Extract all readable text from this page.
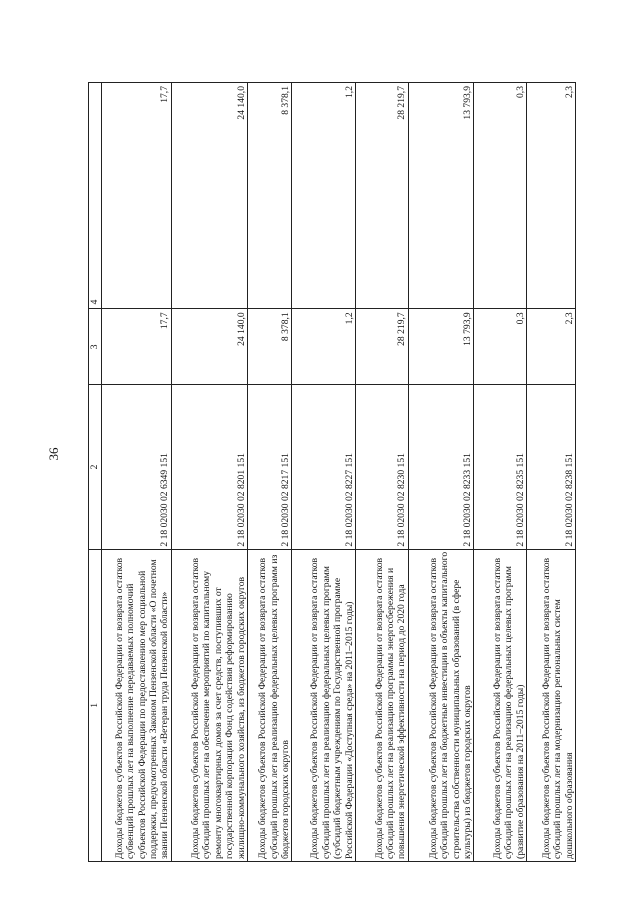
36
1	2	3	4
Доходы бюджетов субъектов Российской Федерации от возврата остатков субвенций прошлых лет на выполнение передаваемых полномочий субъектов Российской Федерации по предоставлению мер социальной поддержки, предусмотренных Законом Пензенской области «О почетном звании Пензенской области «Ветеран труда Пензенской области»	2 18 02030 02 6349 151	17,7	17,7
Доходы бюджетов субъектов Российской Федерации от возврата остатков субсидий прошлых лет на обеспечение мероприятий по капитальному ремонту многоквартирных домов за счет средств, поступивших от государственной корпорации Фонд содействия реформированию жилищно-коммунального хозяйства, из бюджетов городских округов	2 18 02030 02 8201 151	24 140,0	24 140,0
Доходы бюджетов субъектов Российской Федерации от возврата остатков субсидий прошлых лет на реализацию федеральных целевых программ из бюджетов городских округов	2 18 02030 02 8217 151	8 378,1	8 378,1
Доходы бюджетов субъектов Российской Федерации от возврата остатков субсидий прошлых лет на реализацию федеральных целевых программ (субсидий бюджетным учреждениям по Государственной программе Российской Федерации «Доступная среда» на 2011–2015 годы)	2 18 02030 02 8227 151	1,2	1,2
Доходы бюджетов субъектов Российской Федерации от возврата остатков субсидий прошлых лет на реализацию программы энергосбережения и повышения энергетической эффективности на период до 2020 года	2 18 02030 02 8230 151	28 219,7	28 219,7
Доходы бюджетов субъектов Российской Федерации от возврата остатков субсидий прошлых лет на бюджетные инвестиции в объекты капитального строительства собственности муниципальных образований (в сфере культуры) из бюджетов городских округов	2 18 02030 02 8233 151	13 793,9	13 793,9
Доходы бюджетов субъектов Российской Федерации от возврата остатков субсидий прошлых лет на реализацию федеральных целевых программ (развитие образования на 2011–2015 годы)	2 18 02030 02 8235 151	0,3	0,3
Доходы бюджетов субъектов Российской Федерации от возврата остатков субсидий прошлых лет на модернизацию региональных систем дошкольного образования	2 18 02030 02 8238 151	2,3	2,3
